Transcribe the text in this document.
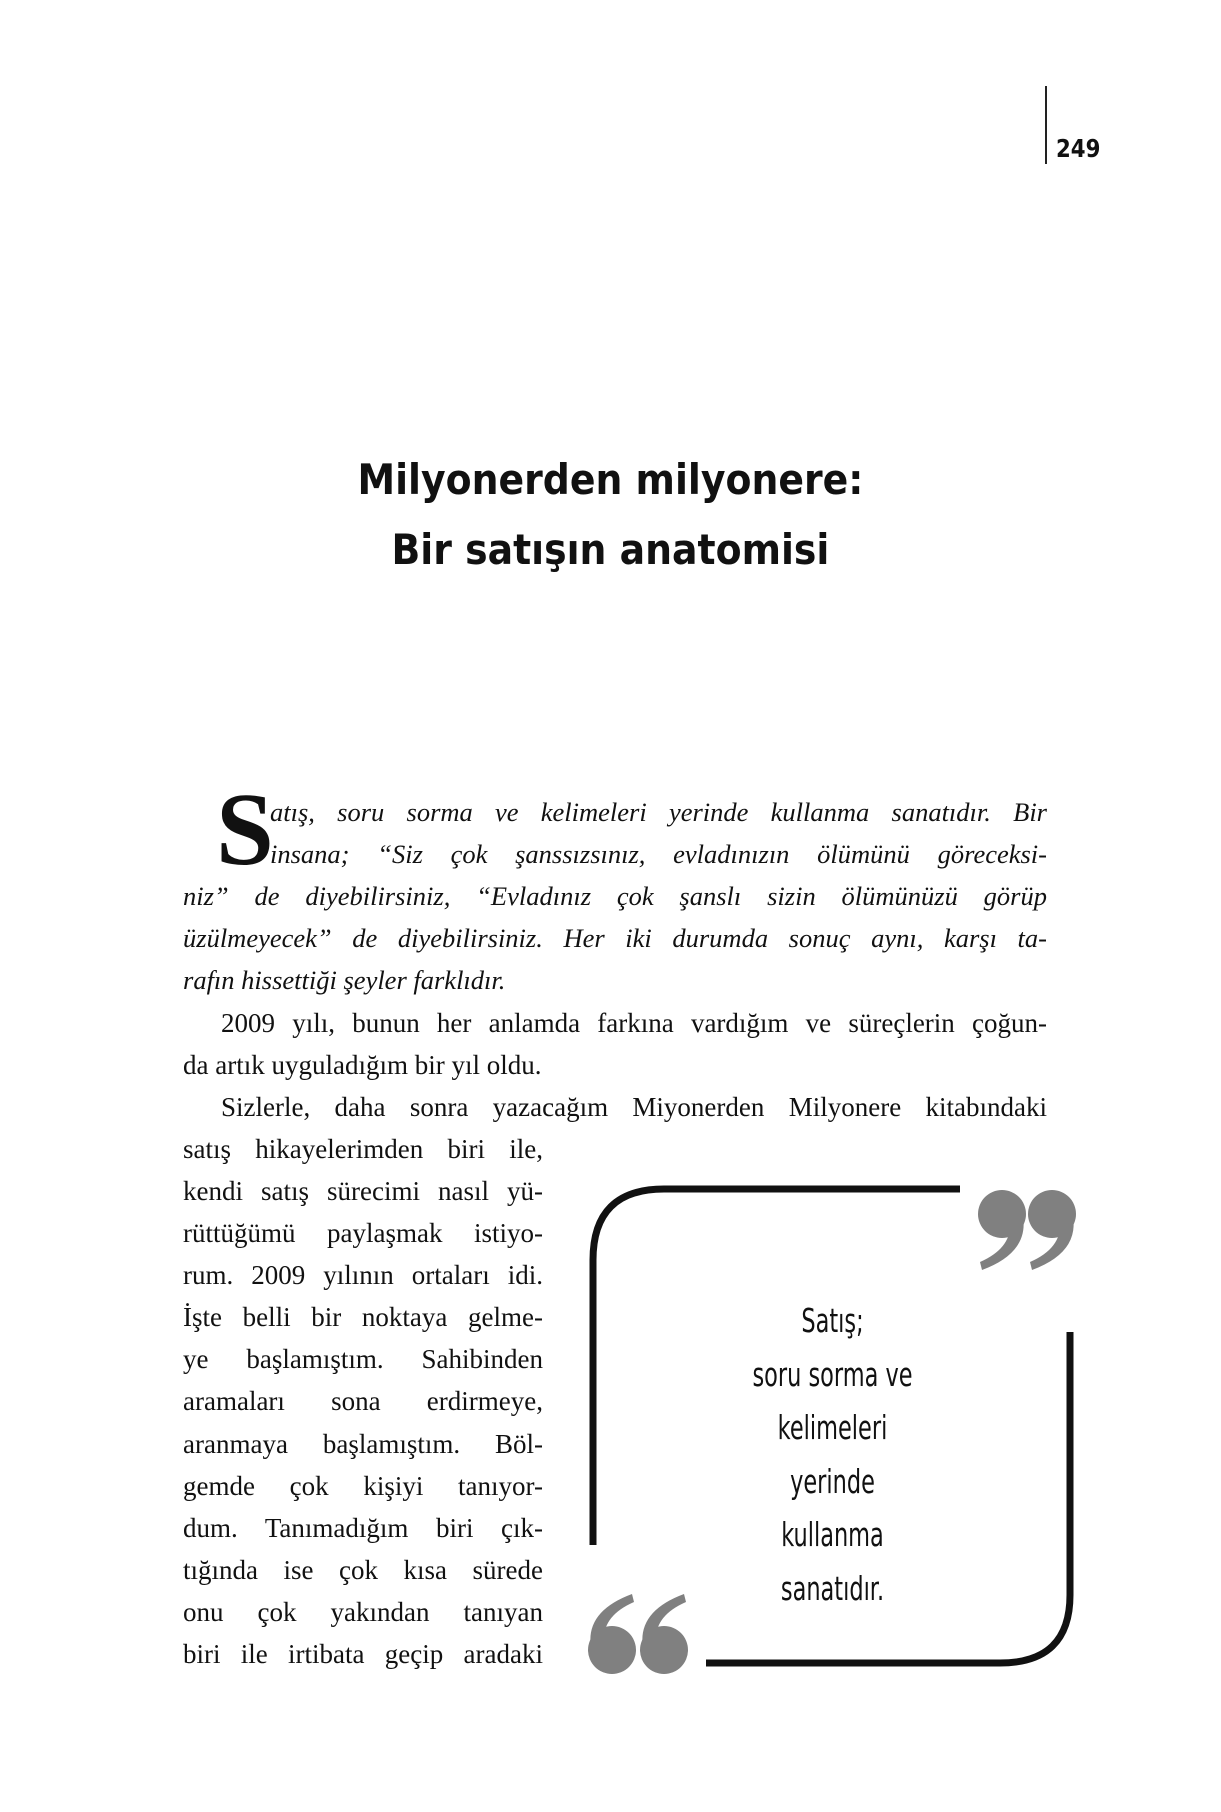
249
Milyonerden milyonere:
Bir satışın anatomisi
S
atış, soru sorma ve kelimeleri yerinde kullanma sanatıdır. Bir
insana; “Siz çok şanssızsınız, evladınızın ölümünü göreceksi-
niz” de diyebilirsiniz, “Evladınız çok şanslı sizin ölümünüzü görüp
üzülmeyecek” de diyebilirsiniz. Her iki durumda sonuç aynı, karşı ta-
rafın hissettiği şeyler farklıdır.
2009 yılı, bunun her anlamda farkına vardığım ve süreçlerin çoğun-
da artık uyguladığım bir yıl oldu.
Sizlerle, daha sonra yazacağım Miyonerden Milyonere kitabındaki
satış hikayelerimden biri ile,
kendi satış sürecimi nasıl yü-
rüttüğümü paylaşmak istiyo-
rum. 2009 yılının ortaları idi.
İşte belli bir noktaya gelme-
ye başlamıştım. Sahibinden
aramaları sona erdirmeye,
aranmaya başlamıştım. Böl-
gemde çok kişiyi tanıyor-
dum. Tanımadığım biri çık-
tığında ise çok kısa sürede
onu çok yakından tanıyan
biri ile irtibata geçip aradaki
Satış;
soru sorma ve
kelimeleri
yerinde kullanma
sanatıdır.
